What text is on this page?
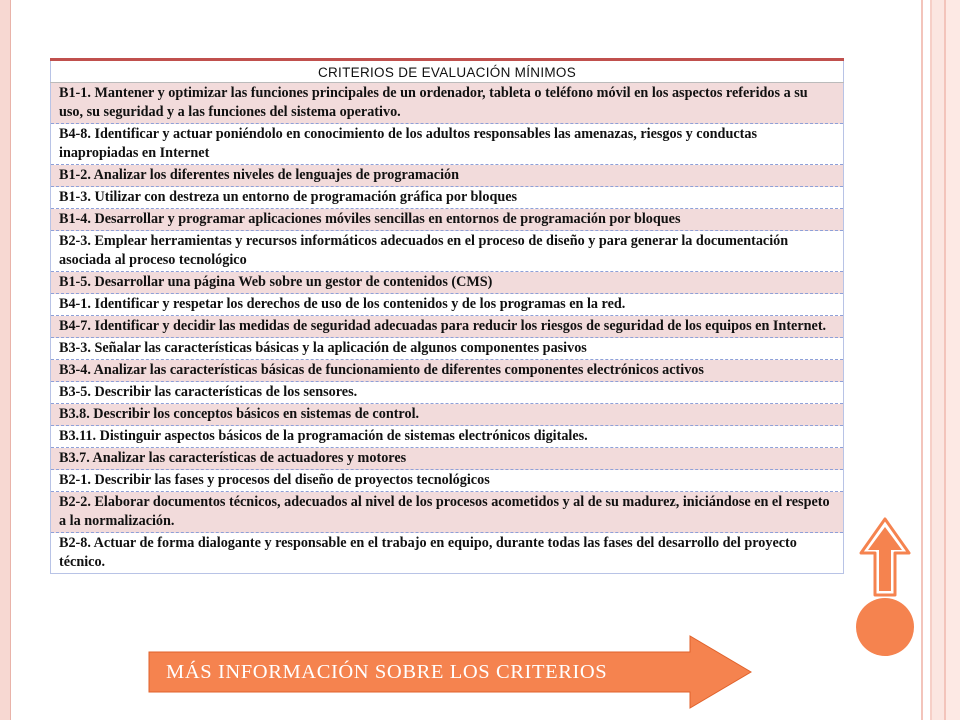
CRITERIOS DE EVALUACIÓN MÍNIMOS
B1-1. Mantener y optimizar las funciones principales de un ordenador, tableta o teléfono móvil en los aspectos referidos a su uso, su seguridad y a las funciones del sistema operativo.
B4-8. Identificar y actuar poniéndolo en conocimiento de los adultos responsables las amenazas, riesgos y conductas inapropiadas en Internet
B1-2. Analizar los diferentes niveles de lenguajes de programación
B1-3. Utilizar con destreza un entorno de programación gráfica por bloques
B1-4. Desarrollar y programar aplicaciones móviles sencillas en entornos de programación por bloques
B2-3. Emplear herramientas y recursos informáticos adecuados en el proceso de diseño y para generar la documentación asociada al proceso tecnológico
B1-5. Desarrollar una página Web sobre un gestor de contenidos (CMS)
B4-1. Identificar y respetar los derechos de uso de los contenidos y de los programas en la red.
B4-7. Identificar y decidir las medidas de seguridad adecuadas para reducir los riesgos de seguridad de los equipos en Internet.
B3-3. Señalar las características básicas y la aplicación de algunos componentes pasivos
B3-4. Analizar las características básicas de funcionamiento de diferentes componentes electrónicos activos
B3-5. Describir las características de los sensores.
B3.8. Describir los conceptos básicos en sistemas de control.
B3.11. Distinguir aspectos básicos de la programación de sistemas electrónicos digitales.
B3.7. Analizar las características de actuadores y motores
B2-1. Describir las fases y procesos del diseño de proyectos tecnológicos
B2-2. Elaborar documentos técnicos, adecuados al nivel de los procesos acometidos y al de su madurez, iniciándose en el respeto a la normalización.
B2-8. Actuar de forma dialogante y responsable en el trabajo en equipo, durante todas las fases del desarrollo del proyecto técnico.
MÁS INFORMACIÓN SOBRE LOS CRITERIOS
